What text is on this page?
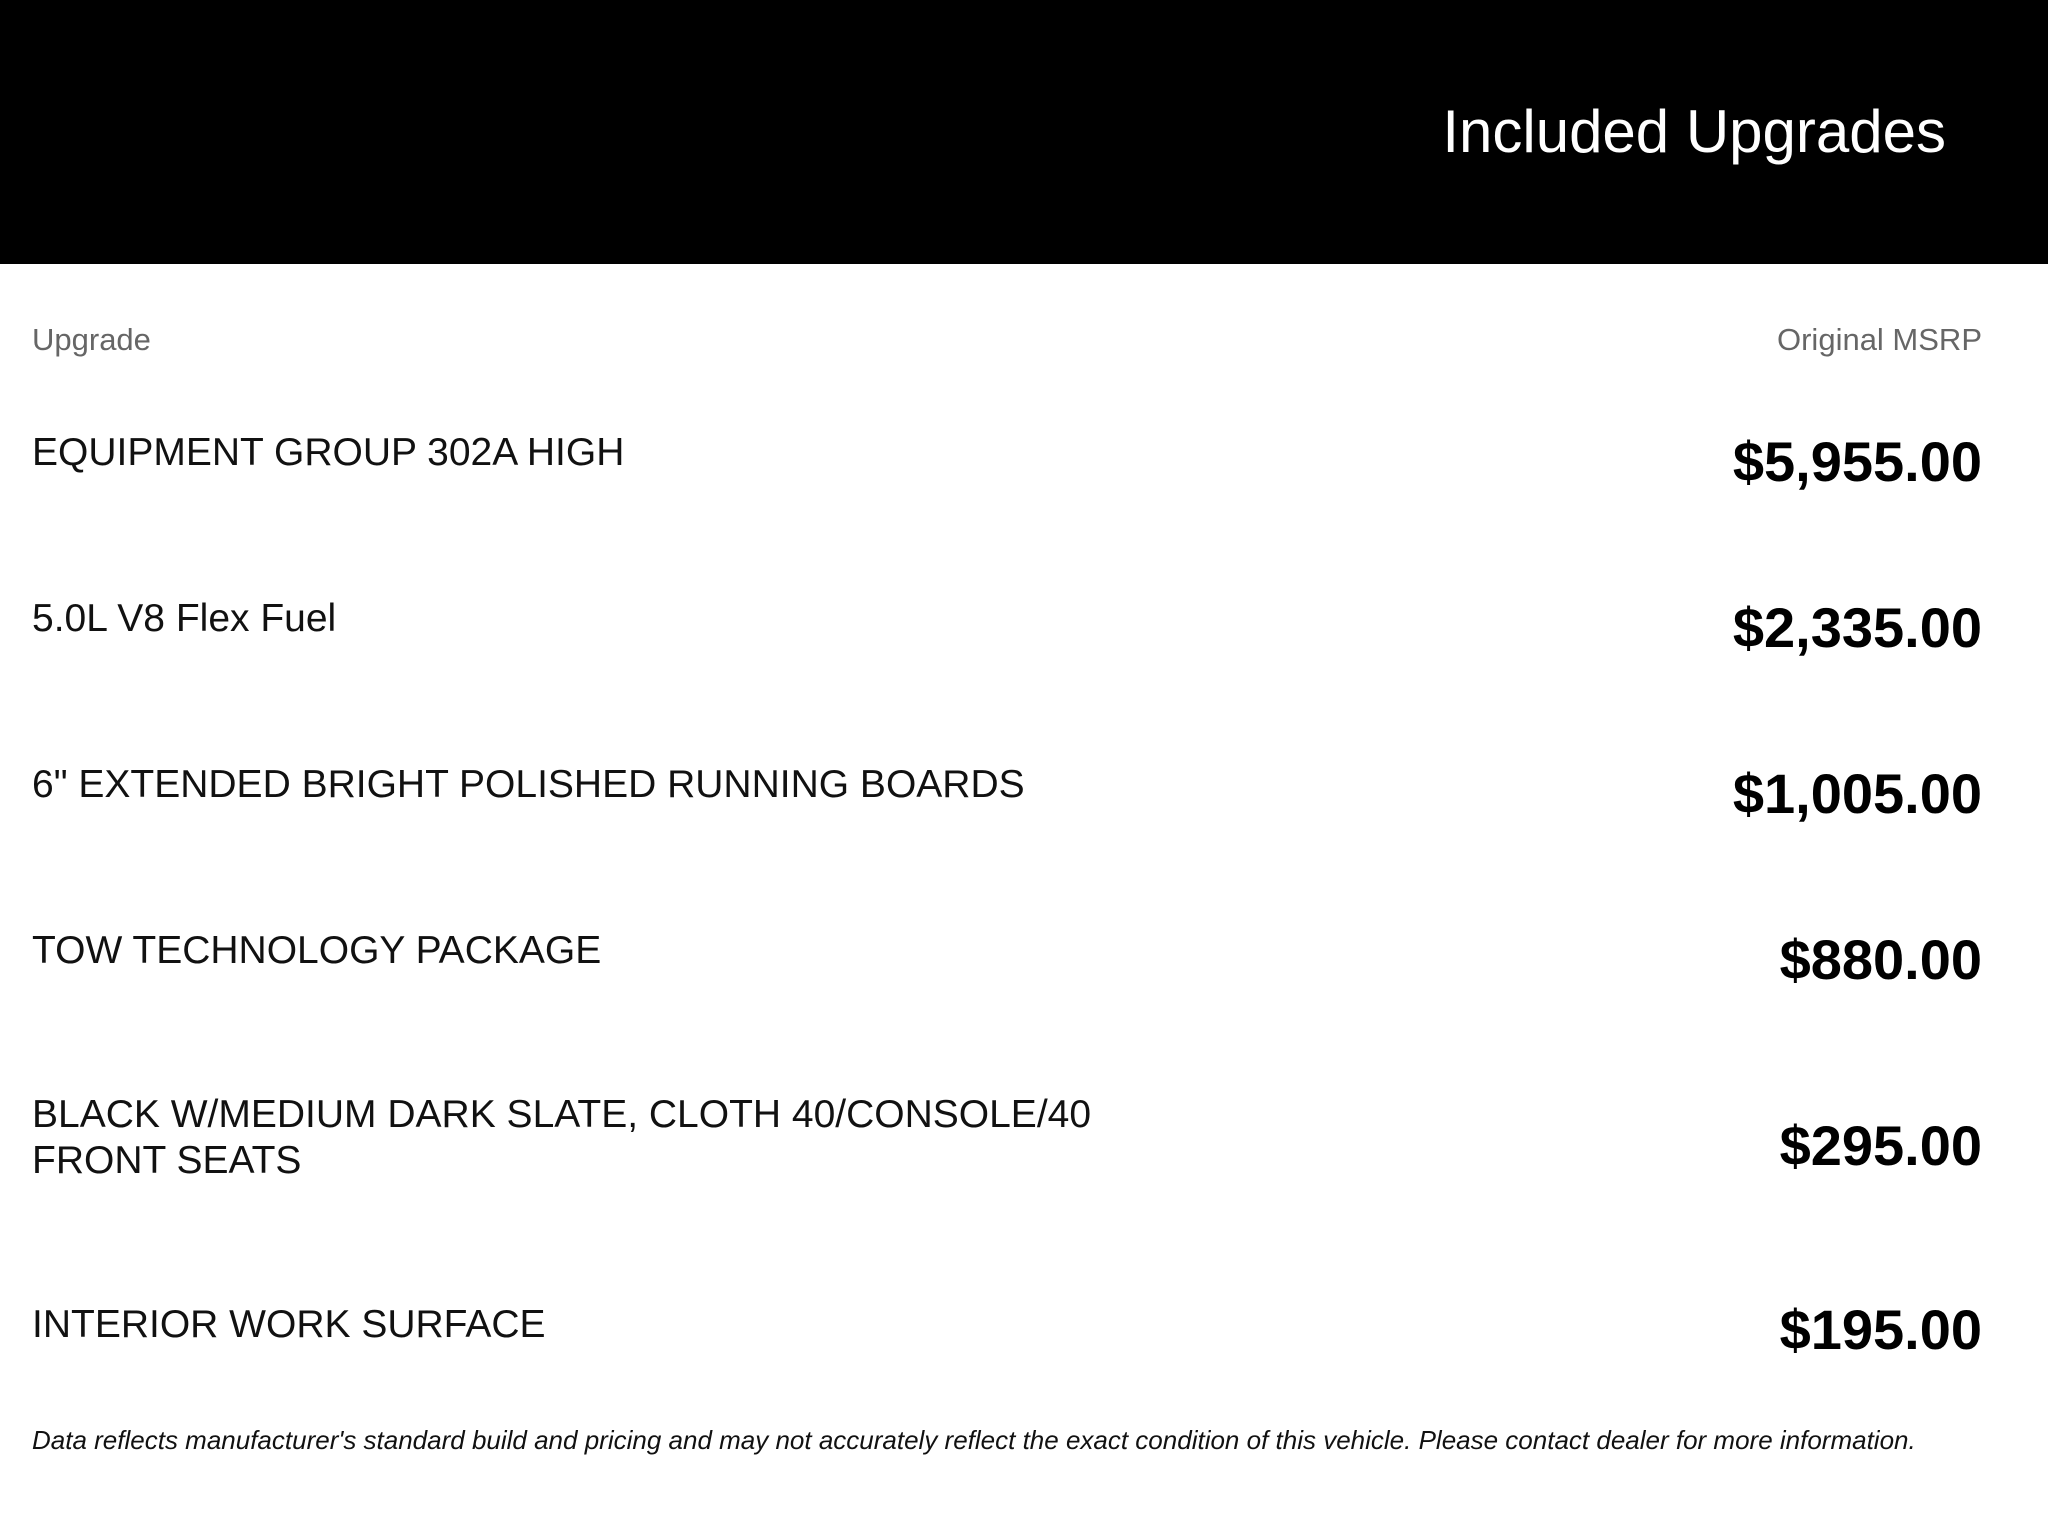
Included Upgrades
Upgrade	Original MSRP
EQUIPMENT GROUP 302A HIGH	$5,955.00
5.0L V8 Flex Fuel	$2,335.00
6" EXTENDED BRIGHT POLISHED RUNNING BOARDS	$1,005.00
TOW TECHNOLOGY PACKAGE	$880.00
BLACK W/MEDIUM DARK SLATE, CLOTH 40/CONSOLE/40
FRONT SEATS	$295.00
INTERIOR WORK SURFACE	$195.00
Data reflects manufacturer's standard build and pricing and may not accurately reflect the exact condition of this vehicle. Please contact dealer for more information.
